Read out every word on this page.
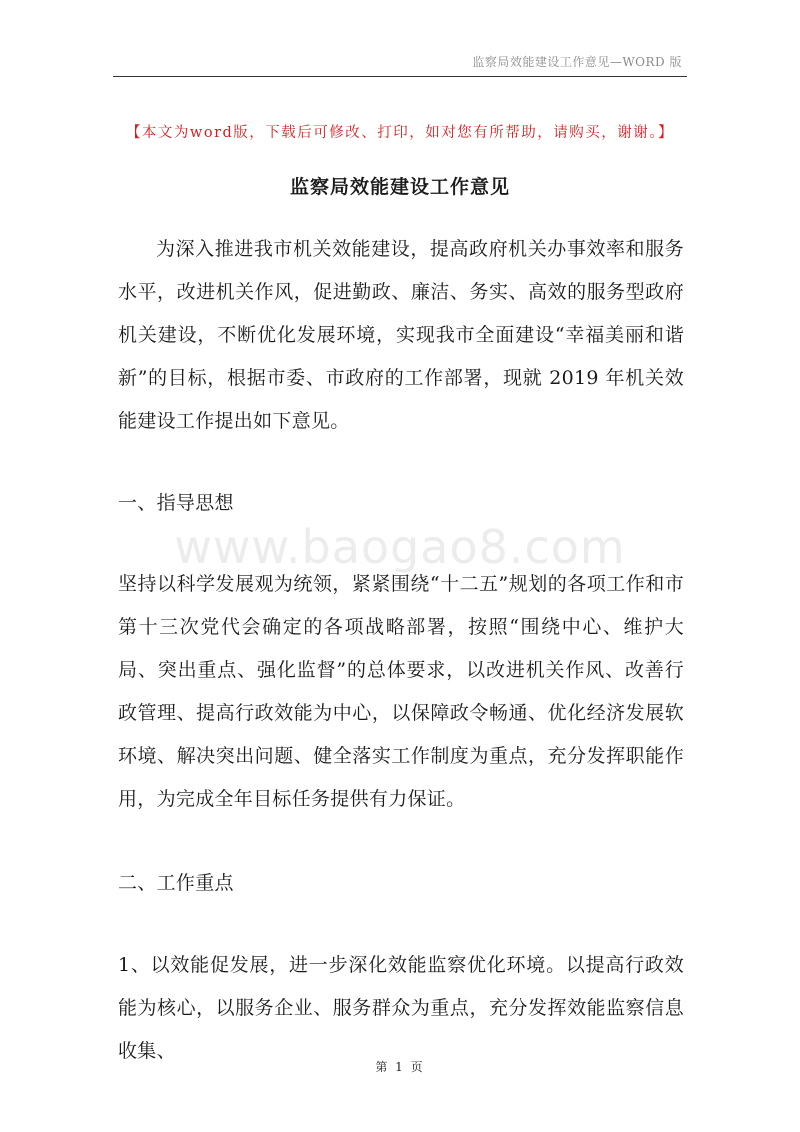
监察局效能建设工作意见—WORD 版
【本文为word版，下载后可修改、打印，如对您有所帮助，请购买，谢谢。】
监察局效能建设工作意见

为深入推进我市机关效能建设，提高政府机关办事效率和服务水平，改进机关作风，促进勤政、廉洁、务实、高效的服务型政府机关建设，不断优化发展环境，实现我市全面建设“幸福美丽和谐新”的目标，根据市委、市政府的工作部署，现就 2019 年机关效能建设工作提出如下意见。

一、指导思想

www.baogao8.com

坚持以科学发展观为统领，紧紧围绕“十二五”规划的各项工作和市第十三次党代会确定的各项战略部署，按照“围绕中心、维护大局、突出重点、强化监督”的总体要求，以改进机关作风、改善行政管理、提高行政效能为中心，以保障政令畅通、优化经济发展软环境、解决突出问题、健全落实工作制度为重点，充分发挥职能作用，为完成全年目标任务提供有力保证。

二、工作重点

1、以效能促发展，进一步深化效能监察优化环境。以提高行政效能为核心，以服务企业、服务群众为重点，充分发挥效能监察信息收集、

第 1 页
